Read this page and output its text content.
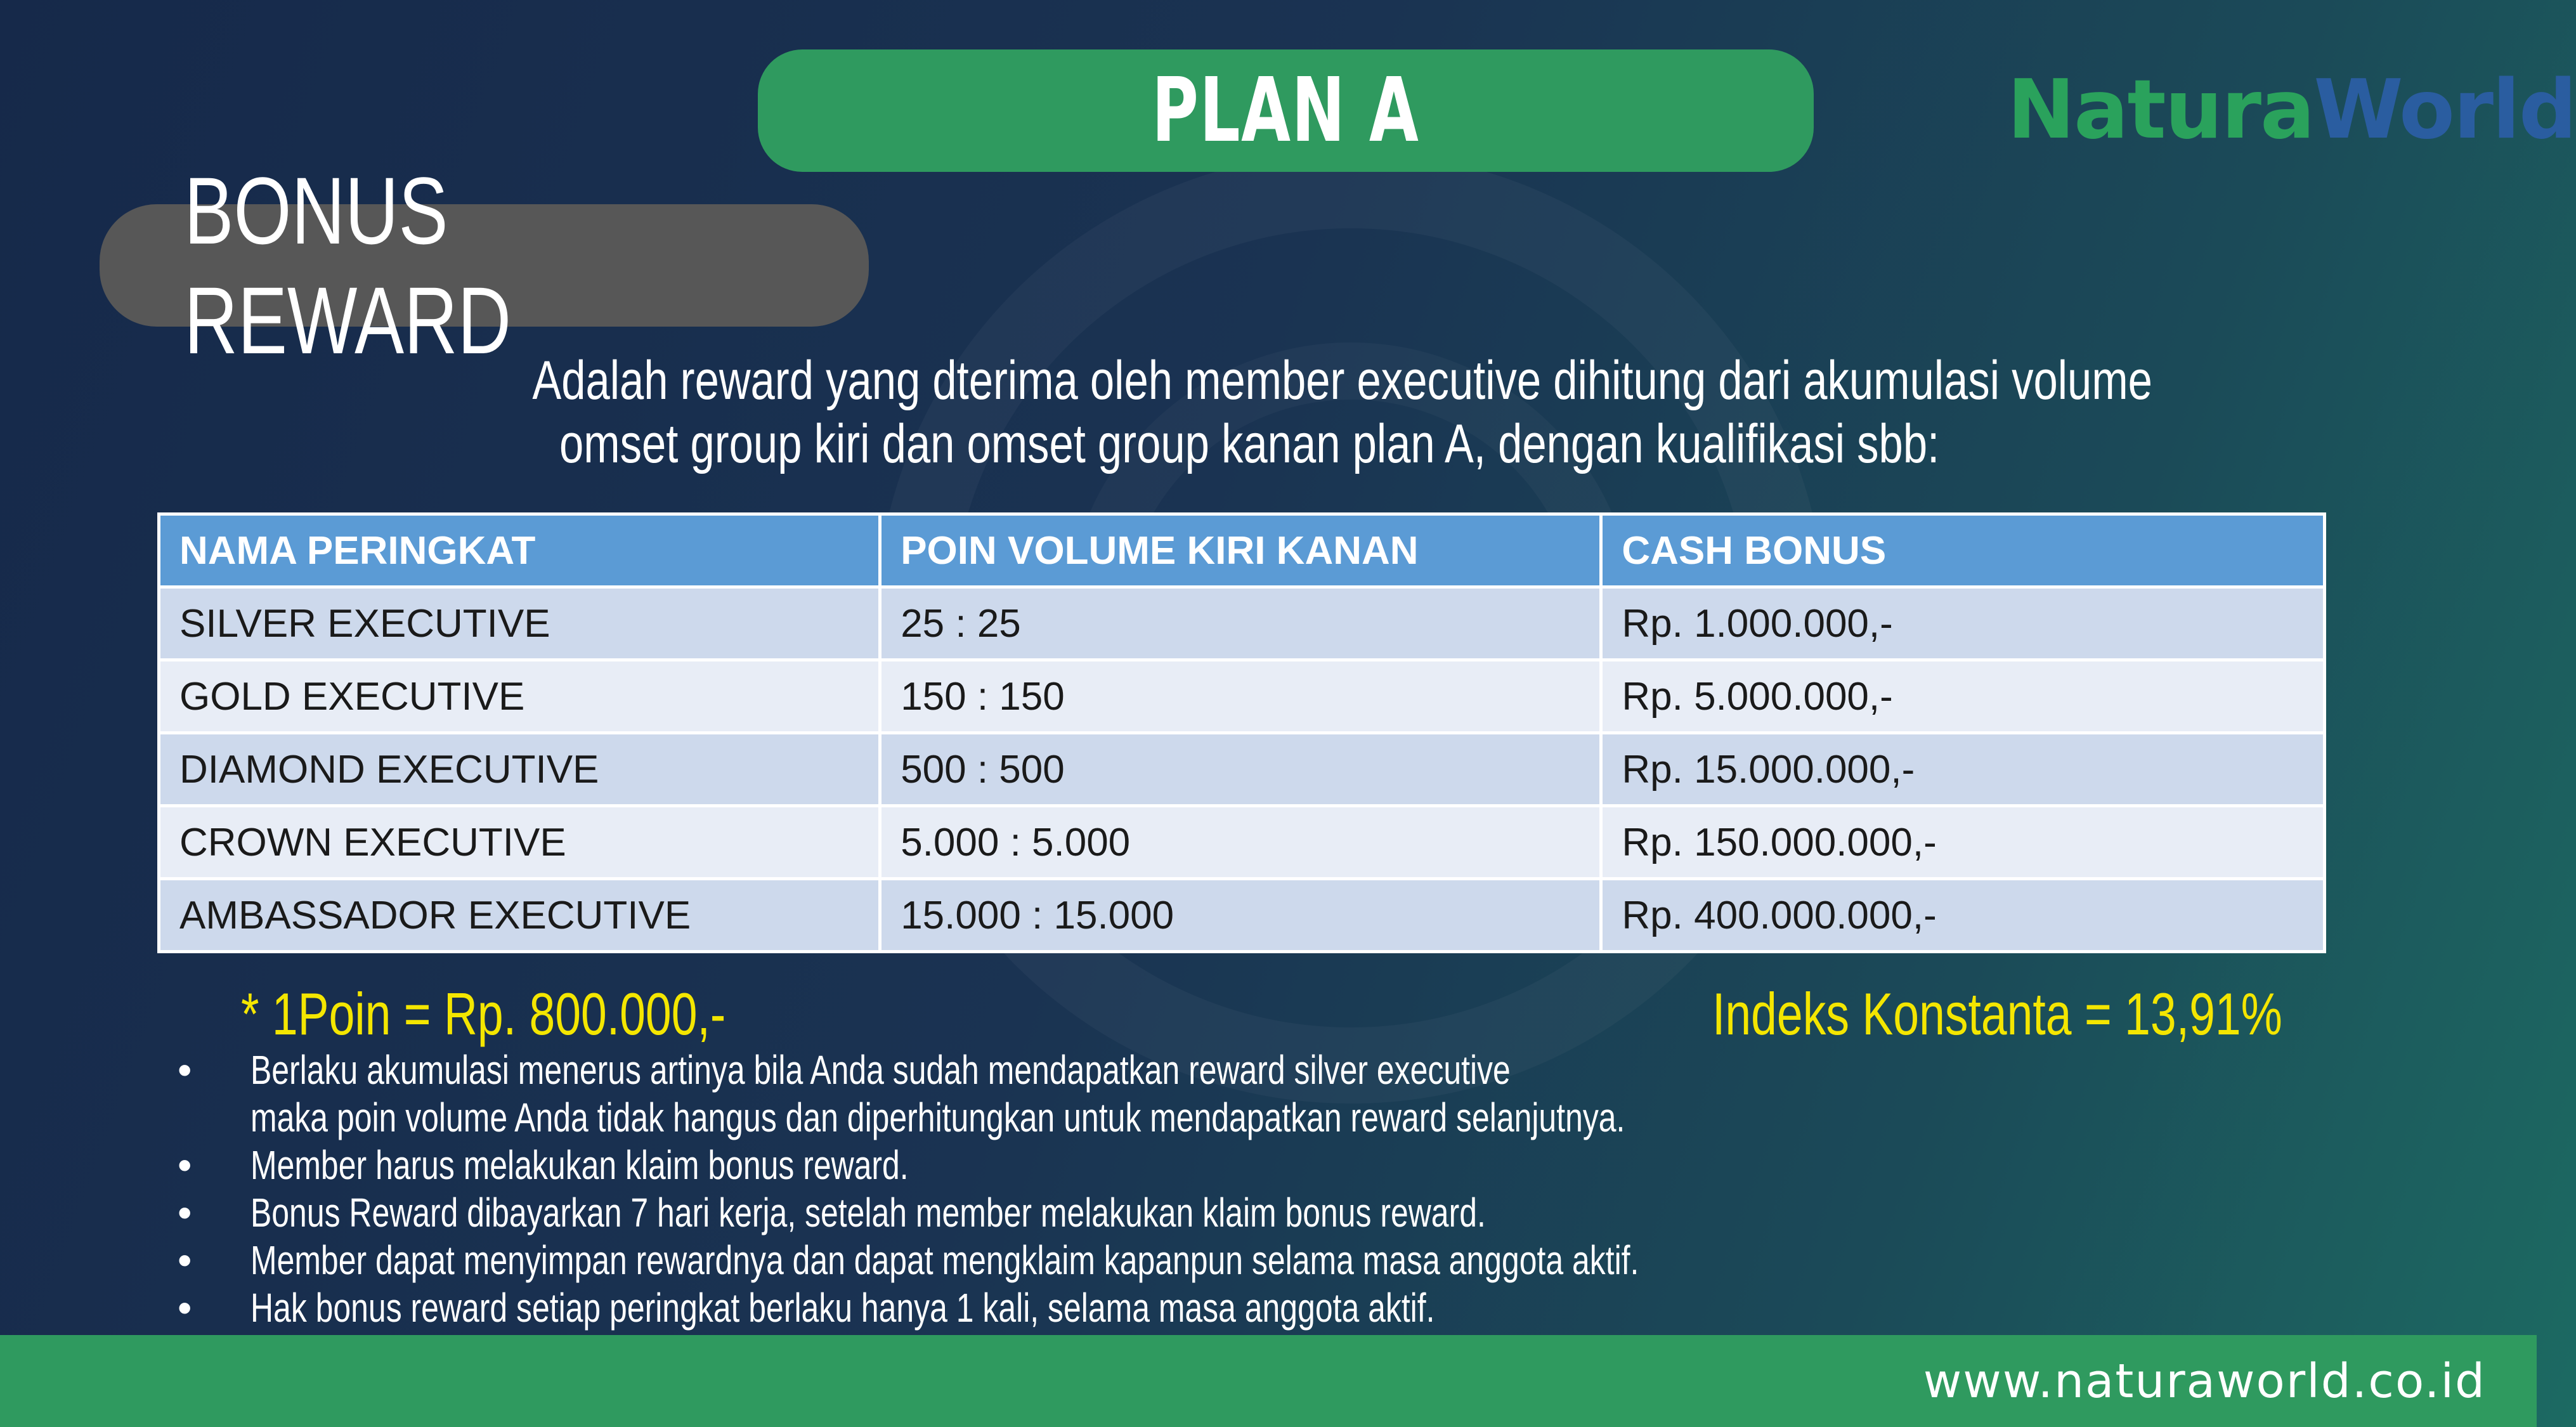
PLAN A	Natura World
BONUS REWARD
Adalah reward yang dterima oleh member executive dihitung dari akumulasi volume
omset group kiri dan omset group kanan plan A, dengan kualifikasi sbb:
NAMA PERINGKAT	POIN VOLUME KIRI KANAN	CASH BONUS
SILVER EXECUTIVE	25 : 25	Rp. 1.000.000,-
GOLD EXECUTIVE	150 : 150	Rp. 5.000.000,-
DIAMOND EXECUTIVE	500 : 500	Rp. 15.000.000,-
CROWN EXECUTIVE	5.000 : 5.000	Rp. 150.000.000,-
AMBASSADOR EXECUTIVE	15.000 : 15.000	Rp. 400.000.000,-
* 1Poin = Rp. 800.000,-	Indeks Konstanta = 13,91%
• Berlaku akumulasi menerus artinya bila Anda sudah mendapatkan reward silver executive
maka poin volume Anda tidak hangus dan diperhitungkan untuk mendapatkan reward selanjutnya.
• Member harus melakukan klaim bonus reward.
• Bonus Reward dibayarkan 7 hari kerja, setelah member melakukan klaim bonus reward.
• Member dapat menyimpan rewardnya dan dapat mengklaim kapanpun selama masa anggota aktif.
• Hak bonus reward setiap peringkat berlaku hanya 1 kali, selama masa anggota aktif.
www.naturaworld.co.id
